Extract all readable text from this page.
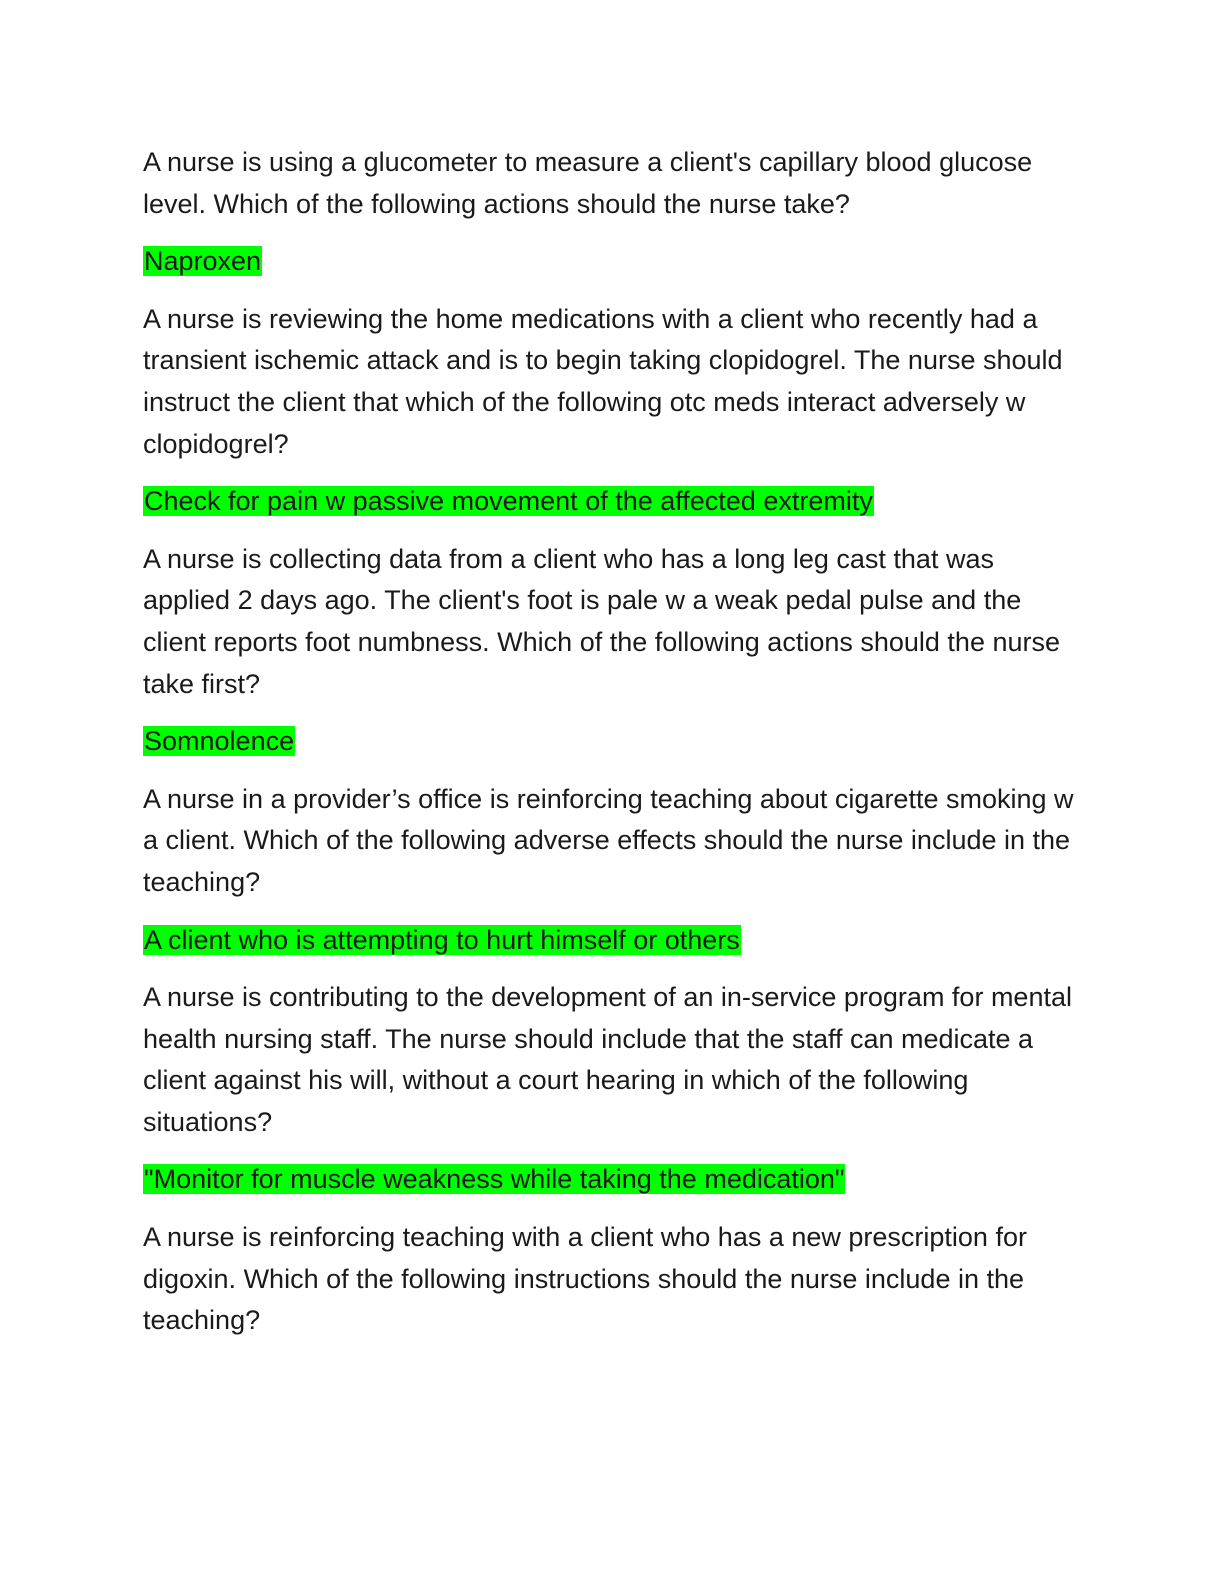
A nurse is using a glucometer to measure a client's capillary blood glucose level. Which of the following actions should the nurse take?

Naproxen

A nurse is reviewing the home medications with a client who recently had a transient ischemic attack and is to begin taking clopidogrel. The nurse should instruct the client that which of the following otc meds interact adversely w clopidogrel?

Check for pain w passive movement of the affected extremity

A nurse is collecting data from a client who has a long leg cast that was applied 2 days ago. The client's foot is pale w a weak pedal pulse and the client reports foot numbness. Which of the following actions should the nurse take first?

Somnolence

A nurse in a provider’s office is reinforcing teaching about cigarette smoking w a client. Which of the following adverse effects should the nurse include in the teaching?

A client who is attempting to hurt himself or others

A nurse is contributing to the development of an in-service program for mental health nursing staff. The nurse should include that the staff can medicate a client against his will, without a court hearing in which of the following situations?

"Monitor for muscle weakness while taking the medication"

A nurse is reinforcing teaching with a client who has a new prescription for digoxin. Which of the following instructions should the nurse include in the teaching?
